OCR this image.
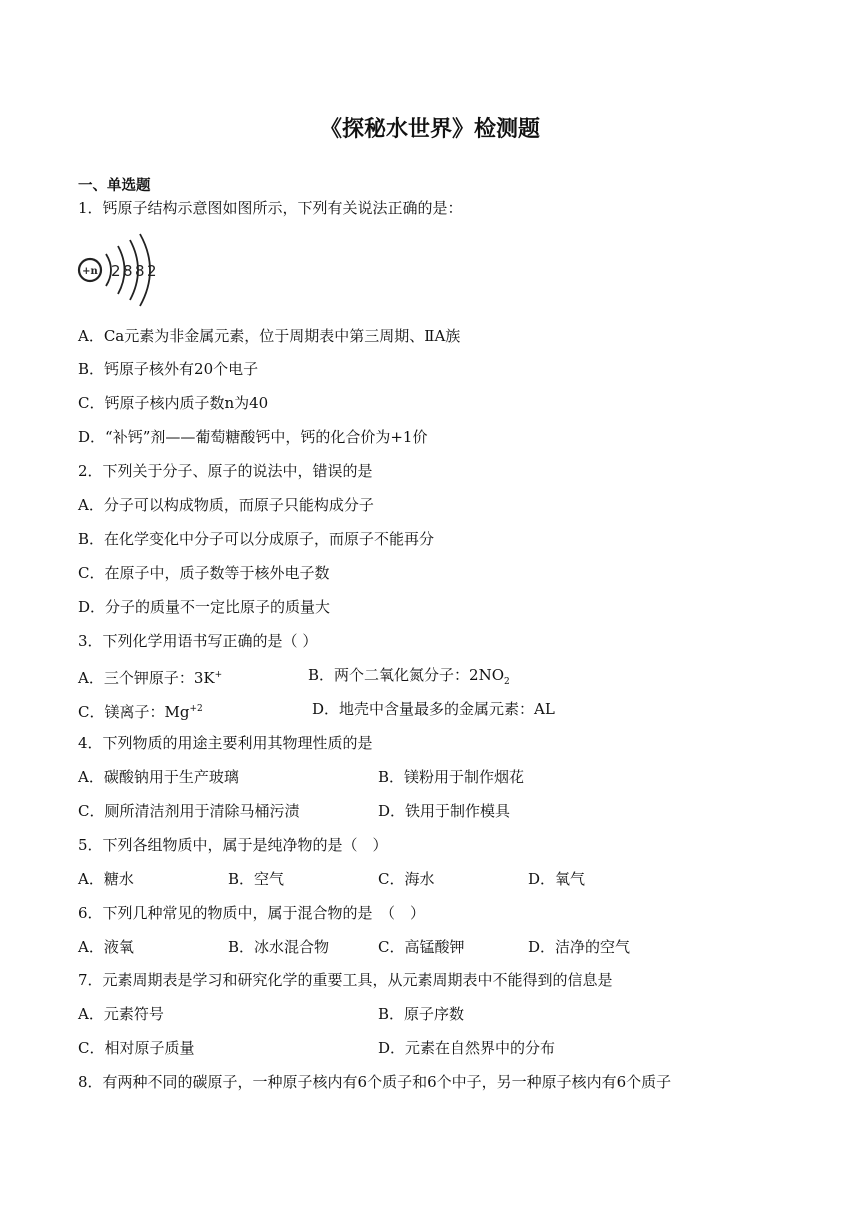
《探秘水世界》检测题
一、单选题
1．钙原子结构示意图如图所示，下列有关说法正确的是：
+n 2 8 8 2
A．Ca元素为非金属元素，位于周期表中第三周期、ⅡA族
B．钙原子核外有20个电子
C．钙原子核内质子数n为40
D．“补钙”剂——葡萄糖酸钙中，钙的化合价为+1价
2．下列关于分子、原子的说法中，错误的是
A．分子可以构成物质，而原子只能构成分子
B．在化学变化中分子可以分成原子，而原子不能再分
C．在原子中，质子数等于核外电子数
D．分子的质量不一定比原子的质量大
3．下列化学用语书写正确的是（ ）
A．三个钾原子：3K+	B．两个二氧化氮分子：$2NO_2$
C．镁离子：$Mg^{+2}$	D．地壳中含量最多的金属元素：AL
4．下列物质的用途主要利用其物理性质的是
A．碳酸钠用于生产玻璃	B．镁粉用于制作烟花
C．厕所清洁剂用于清除马桶污渍	D．铁用于制作模具
5．下列各组物质中，属于是纯净物的是（　）
A．糖水	B．空气	C．海水	D．氧气
6．下列几种常见的物质中，属于混合物的是　（　）
A．液氧	B．冰水混合物	C．高锰酸钾	D．洁净的空气
7．元素周期表是学习和研究化学的重要工具，从元素周期表中不能得到的信息是
A．元素符号	B．原子序数
C．相对原子质量	D．元素在自然界中的分布
8．有两种不同的碳原子，一种原子核内有6个质子和6个中子，另一种原子核内有6个质子
